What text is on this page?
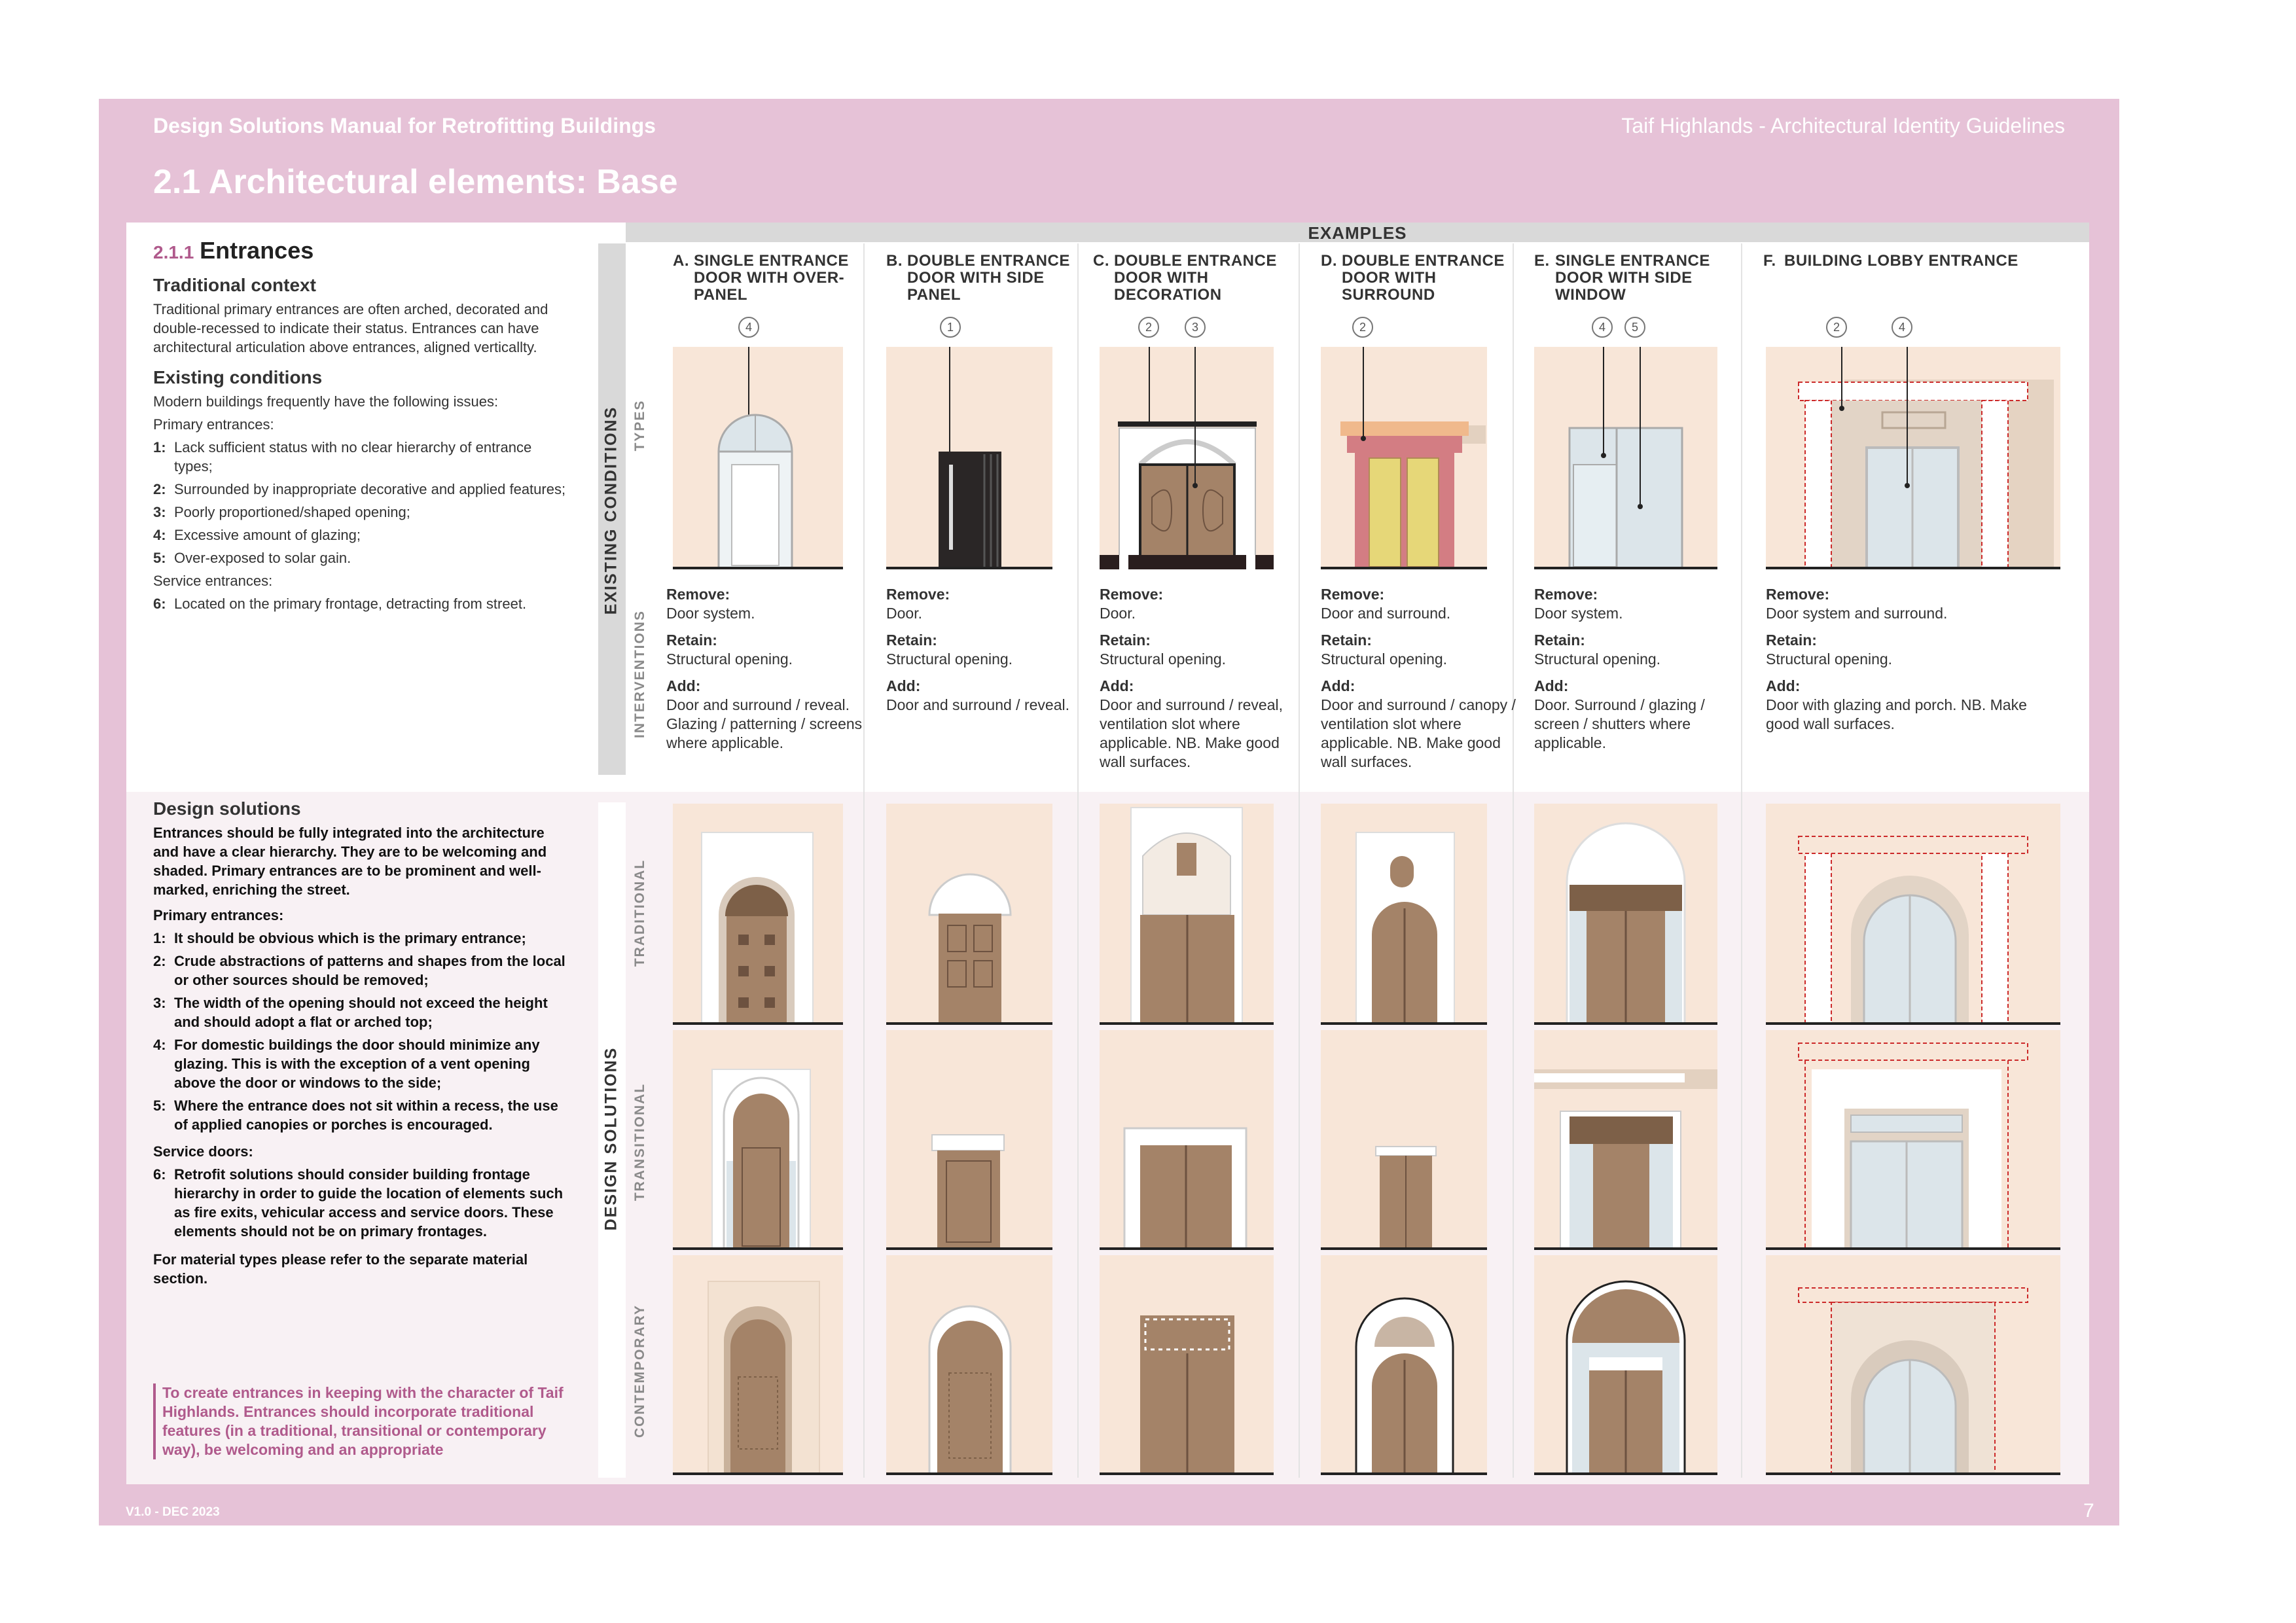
Design Solutions Manual for Retrofitting Buildings	Taif Highlands - Architectural Identity Guidelines
2.1 Architectural elements: Base
V1.0 - DEC 2023	7
EXAMPLES
EXISTING CONDITIONS TYPES
INTERVENTIONS
DESIGN SOLUTIONS
TRADITIONAL
TRANSITIONAL
CONTEMPORARY
2.1.1 Entrances
Traditional context
Traditional primary entrances are often arched, decorated and double-recessed to indicate their status. Entrances can have architectural articulation above entrances, aligned verticallty.
Existing conditions
Modern buildings frequently have the following issues:
Primary entrances:
1: Lack sufficient status with no clear hierarchy of entrance types;
2: Surrounded by inappropriate decorative and applied features;
3: Poorly proportioned/shaped opening;
4: Excessive amount of glazing;
5: Over-exposed to solar gain.
Service entrances:
6: Located on the primary frontage, detracting from street.
Design solutions
Entrances should be fully integrated into the architecture and have a clear hierarchy. They are to be welcoming and shaded. Primary entrances are to be prominent and well-marked, enriching the street.
Primary entrances:
1: It should be obvious which is the primary entrance;
2: Crude abstractions of patterns and shapes from the local or other sources should be removed;
3: The width of the opening should not exceed the height and should adopt a flat or arched top;
4: For domestic buildings the door should minimize any glazing. This is with the exception of a vent opening above the door or windows to the side;
5: Where the entrance does not sit within a recess, the use of applied canopies or porches is encouraged.
Service doors:
6: Retrofit solutions should consider building frontage hierarchy in order to guide the location of elements such as fire exits, vehicular access and service doors. These elements should not be on primary frontages.
For material types please refer to the separate material section.
To create entrances in keeping with the character of Taif Highlands. Entrances should incorporate traditional features (in a traditional, transitional or contemporary way), be welcoming and an appropriate
A. SINGLE ENTRANCE DOOR WITH OVER-PANEL
4
Remove:
Door system.
Retain:
Structural opening.
Add:
Door and surround / reveal. Glazing / patterning / screens where applicable.
B. DOUBLE ENTRANCE DOOR WITH SIDE PANEL
1
Remove:
Door.
Retain:
Structural opening.
Add:
Door and surround / reveal.
C. DOUBLE ENTRANCE DOOR WITH DECORATION
2	3
Remove:
Door.
Retain:
Structural opening.
Add:
Door and surround / reveal, ventilation slot where applicable. NB. Make good wall surfaces.
D. DOUBLE ENTRANCE DOOR WITH SURROUND
2
Remove:
Door and surround.
Retain:
Structural opening.
Add:
Door and surround / canopy / ventilation slot where applicable. NB. Make good wall surfaces.
E. SINGLE ENTRANCE DOOR WITH SIDE WINDOW
4	5
Remove:
Door system.
Retain:
Structural opening.
Add:
Door. Surround / glazing / screen / shutters where applicable.
F. BUILDING LOBBY ENTRANCE
2	4
Remove:
Door system and surround.
Retain:
Structural opening.
Add:
Door with glazing and porch. NB. Make good wall surfaces.
